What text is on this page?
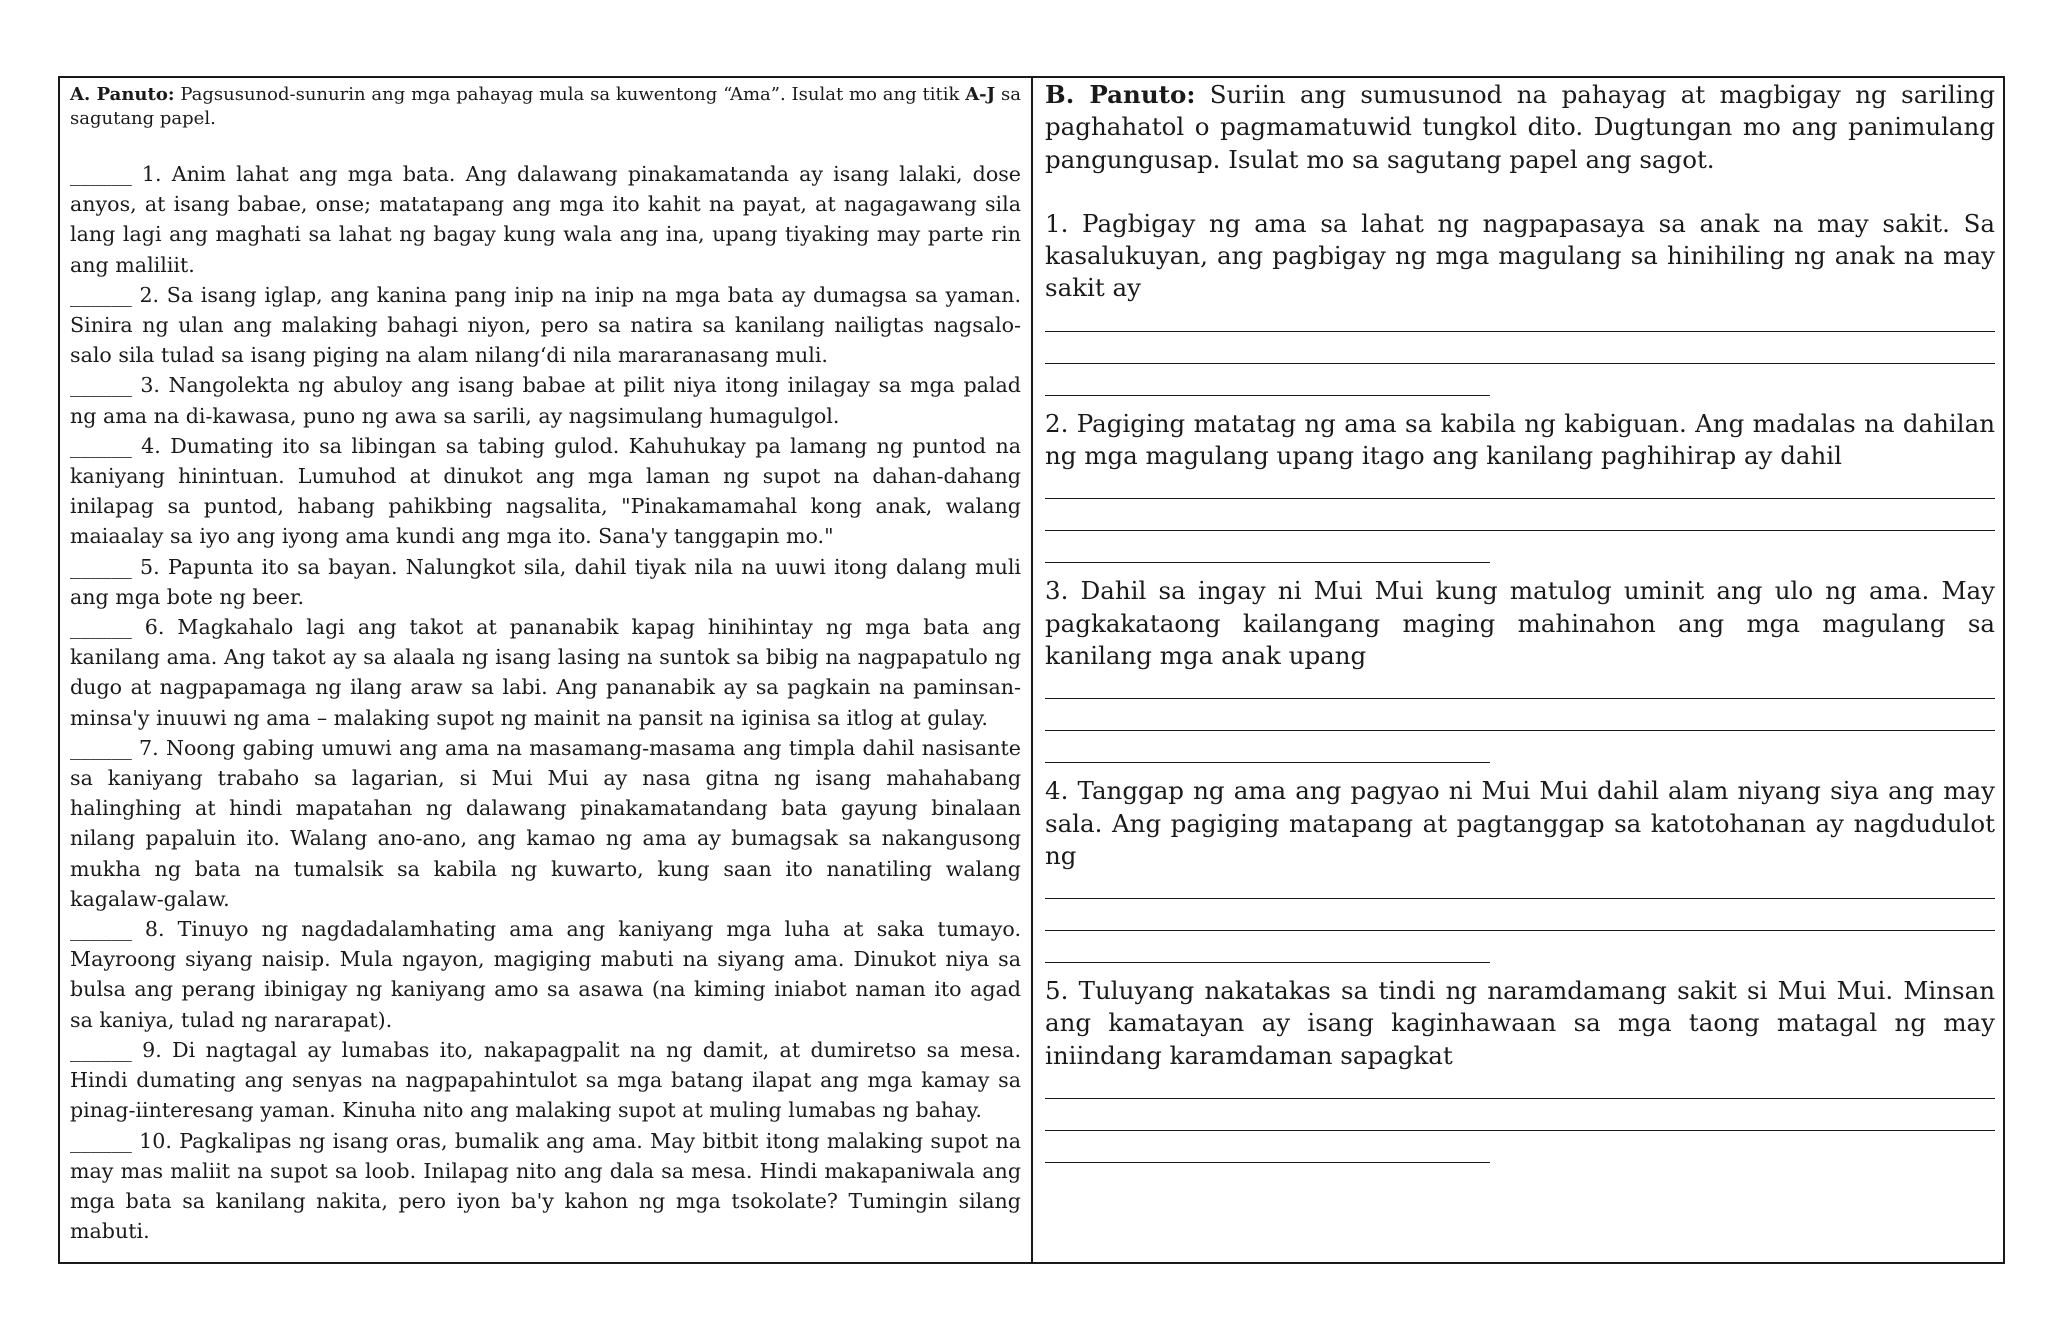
A. Panuto: Pagsusunod-sunurin ang mga pahayag mula sa kuwentong “Ama”. Isulat mo ang titik A-J sa sagutang papel.

______ 1. Anim lahat ang mga bata. Ang dalawang pinakamatanda ay isang lalaki, dose anyos, at isang babae, onse; matatapang ang mga ito kahit na payat, at nagagawang sila lang lagi ang maghati sa lahat ng bagay kung wala ang ina, upang tiyaking may parte rin ang maliliit.

______ 2. Sa isang iglap, ang kanina pang inip na inip na mga bata ay dumagsa sa yaman. Sinira ng ulan ang malaking bahagi niyon, pero sa natira sa kanilang nailigtas nagsalo-salo sila tulad sa isang piging na alam nilang‘di nila mararanasang muli.

______ 3. Nangolekta ng abuloy ang isang babae at pilit niya itong inilagay sa mga palad ng ama na di-kawasa, puno ng awa sa sarili, ay nagsimulang humagulgol.

______ 4. Dumating ito sa libingan sa tabing gulod. Kahuhukay pa lamang ng puntod na kaniyang hinintuan. Lumuhod at dinukot ang mga laman ng supot na dahan-dahang inilapag sa puntod, habang pahikbing nagsalita, "Pinakamamahal kong anak, walang maiaalay sa iyo ang iyong ama kundi ang mga ito. Sana'y tanggapin mo."

______ 5. Papunta ito sa bayan. Nalungkot sila, dahil tiyak nila na uuwi itong dalang muli ang mga bote ng beer.

______ 6. Magkahalo lagi ang takot at pananabik kapag hinihintay ng mga bata ang kanilang ama. Ang takot ay sa alaala ng isang lasing na suntok sa bibig na nagpapatulo ng dugo at nagpapamaga ng ilang araw sa labi. Ang pananabik ay sa pagkain na paminsan-minsa'y inuuwi ng ama – malaking supot ng mainit na pansit na iginisa sa itlog at gulay.

______ 7. Noong gabing umuwi ang ama na masamang-masama ang timpla dahil nasisante sa kaniyang trabaho sa lagarian, si Mui Mui ay nasa gitna ng isang mahahabang halinghing at hindi mapatahan ng dalawang pinakamatandang bata gayung binalaan nilang papaluin ito. Walang ano-ano, ang kamao ng ama ay bumagsak sa nakangusong mukha ng bata na tumalsik sa kabila ng kuwarto, kung saan ito nanatiling walang kagalaw-galaw.

______ 8. Tinuyo ng nagdadalamhating ama ang kaniyang mga luha at saka tumayo. Mayroong siyang naisip. Mula ngayon, magiging mabuti na siyang ama. Dinukot niya sa bulsa ang perang ibinigay ng kaniyang amo sa asawa (na kiming iniabot naman ito agad sa kaniya, tulad ng nararapat).

______ 9. Di nagtagal ay lumabas ito, nakapagpalit na ng damit, at dumiretso sa mesa. Hindi dumating ang senyas na nagpapahintulot sa mga batang ilapat ang mga kamay sa pinag-iinteresang yaman. Kinuha nito ang malaking supot at muling lumabas ng bahay.

______ 10. Pagkalipas ng isang oras, bumalik ang ama. May bitbit itong malaking supot na may mas maliit na supot sa loob. Inilapag nito ang dala sa mesa. Hindi makapaniwala ang mga bata sa kanilang nakita, pero iyon ba'y kahon ng mga tsokolate? Tumingin silang mabuti.

B. Panuto: Suriin ang sumusunod na pahayag at magbigay ng sariling paghahatol o pagmamatuwid tungkol dito. Dugtungan mo ang panimulang pangungusap. Isulat mo sa sagutang papel ang sagot.

1. Pagbigay ng ama sa lahat ng nagpapasaya sa anak na may sakit. Sa kasalukuyan, ang pagbigay ng mga magulang sa hinihiling ng anak na may sakit ay

2. Pagiging matatag ng ama sa kabila ng kabiguan. Ang madalas na dahilan ng mga magulang upang itago ang kanilang paghihirap ay dahil

3. Dahil sa ingay ni Mui Mui kung matulog uminit ang ulo ng ama. May pagkakataong kailangang maging mahinahon ang mga magulang sa kanilang mga anak upang

4. Tanggap ng ama ang pagyao ni Mui Mui dahil alam niyang siya ang may sala. Ang pagiging matapang at pagtanggap sa katotohanan ay nagdudulot ng

5. Tuluyang nakatakas sa tindi ng naramdamang sakit si Mui Mui. Minsan ang kamatayan ay isang kaginhawaan sa mga taong matagal ng may iniindang karamdaman sapagkat
